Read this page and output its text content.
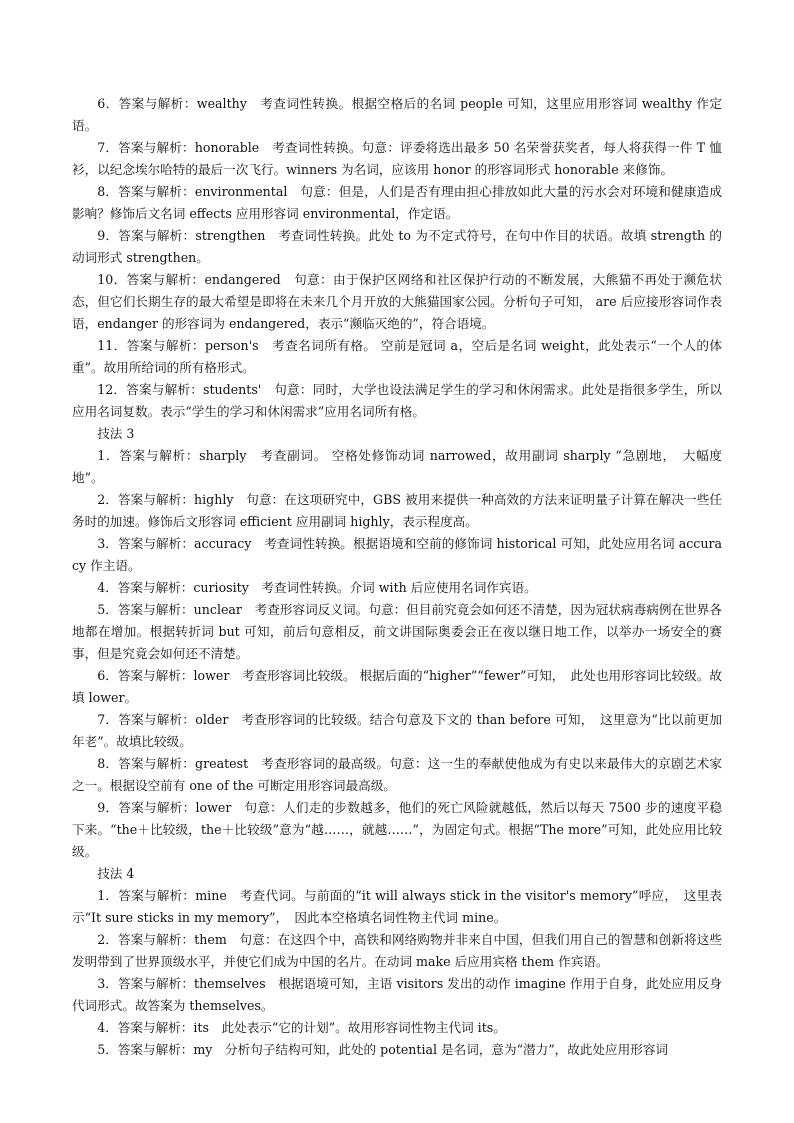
6．答案与解析：wealthy　考查词性转换。根据空格后的名词 people 可知，这里应用形容词 wealthy 作定语。

7．答案与解析：honorable　考查词性转换。句意：评委将选出最多 50 名荣誉获奖者，每人将获得一件 T 恤衫，以纪念埃尔哈特的最后一次飞行。winners 为名词，应该用 honor 的形容词形式 honorable 来修饰。

8．答案与解析：environmental　句意：但是，人们是否有理由担心排放如此大量的污水会对环境和健康造成影响？修饰后文名词 effects 应用形容词 environmental，作定语。

9．答案与解析：strengthen　考查词性转换。此处 to 为不定式符号，在句中作目的状语。故填 strength 的动词形式 strengthen。

10．答案与解析：endangered　句意：由于保护区网络和社区保护行动的不断发展，大熊猫不再处于濒危状态，但它们长期生存的最大希望是即将在未来几个月开放的大熊猫国家公园。分析句子可知， are 后应接形容词作表语，endanger 的形容词为 endangered，表示“濒临灭绝的”，符合语境。

11．答案与解析：person's　考查名词所有格。 空前是冠词 a，空后是名词 weight，此处表示“一个人的体重”。故用所给词的所有格形式。

12．答案与解析：students'　句意：同时，大学也设法满足学生的学习和休闲需求。此处是指很多学生，所以应用名词复数。表示“学生的学习和休闲需求”应用名词所有格。

技法 3

1．答案与解析：sharply　考查副词。 空格处修饰动词 narrowed，故用副词 sharply “急剧地，　大幅度地”。

2．答案与解析：highly　句意：在这项研究中，GBS 被用来提供一种高效的方法来证明量子计算在解决一些任务时的加速。修饰后文形容词 efficient 应用副词 highly，表示程度高。

3．答案与解析：accuracy　考查词性转换。根据语境和空前的修饰词 historical 可知，此处应用名词 accuracy 作主语。

4．答案与解析：curiosity　考查词性转换。介词 with 后应使用名词作宾语。

5．答案与解析：unclear　考查形容词反义词。句意：但目前究竟会如何还不清楚，因为冠状病毒病例在世界各地都在增加。根据转折词 but 可知，前后句意相反，前文讲国际奥委会正在夜以继日地工作，以举办一场安全的赛事，但是究竟会如何还不清楚。

6．答案与解析：lower　考查形容词比较级。 根据后面的“higher”“fewer”可知，　此处也用形容词比较级。故填 lower。

7．答案与解析：older　考查形容词的比较级。结合句意及下文的 than before 可知，　这里意为“比以前更加年老”。故填比较级。

8．答案与解析：greatest　考查形容词的最高级。句意：这一生的奉献使他成为有史以来最伟大的京剧艺术家之一。根据设空前有 one of the 可断定用形容词最高级。

9．答案与解析：lower　句意：人们走的步数越多，他们的死亡风险就越低，然后以每天 7500 步的速度平稳下来。“the＋比较级，the＋比较级”意为“越……，就越……”，为固定句式。根据“The more”可知，此处应用比较级。

技法 4

1．答案与解析：mine　考查代词。与前面的“it will always stick in the visitor's memory”呼应，　这里表示“It sure sticks in my memory”，　因此本空格填名词性物主代词 mine。

2．答案与解析：them　句意：在这四个中，高铁和网络购物并非来自中国，但我们用自己的智慧和创新将这些发明带到了世界顶级水平，并使它们成为中国的名片。在动词 make 后应用宾格 them 作宾语。

3．答案与解析：themselves　根据语境可知，主语 visitors 发出的动作 imagine 作用于自身，此处应用反身代词形式。故答案为 themselves。

4．答案与解析：its　此处表示“它的计划”。故用形容词性物主代词 its。

5．答案与解析：my　分析句子结构可知，此处的 potential 是名词，意为“潜力”，故此处应用形容词
